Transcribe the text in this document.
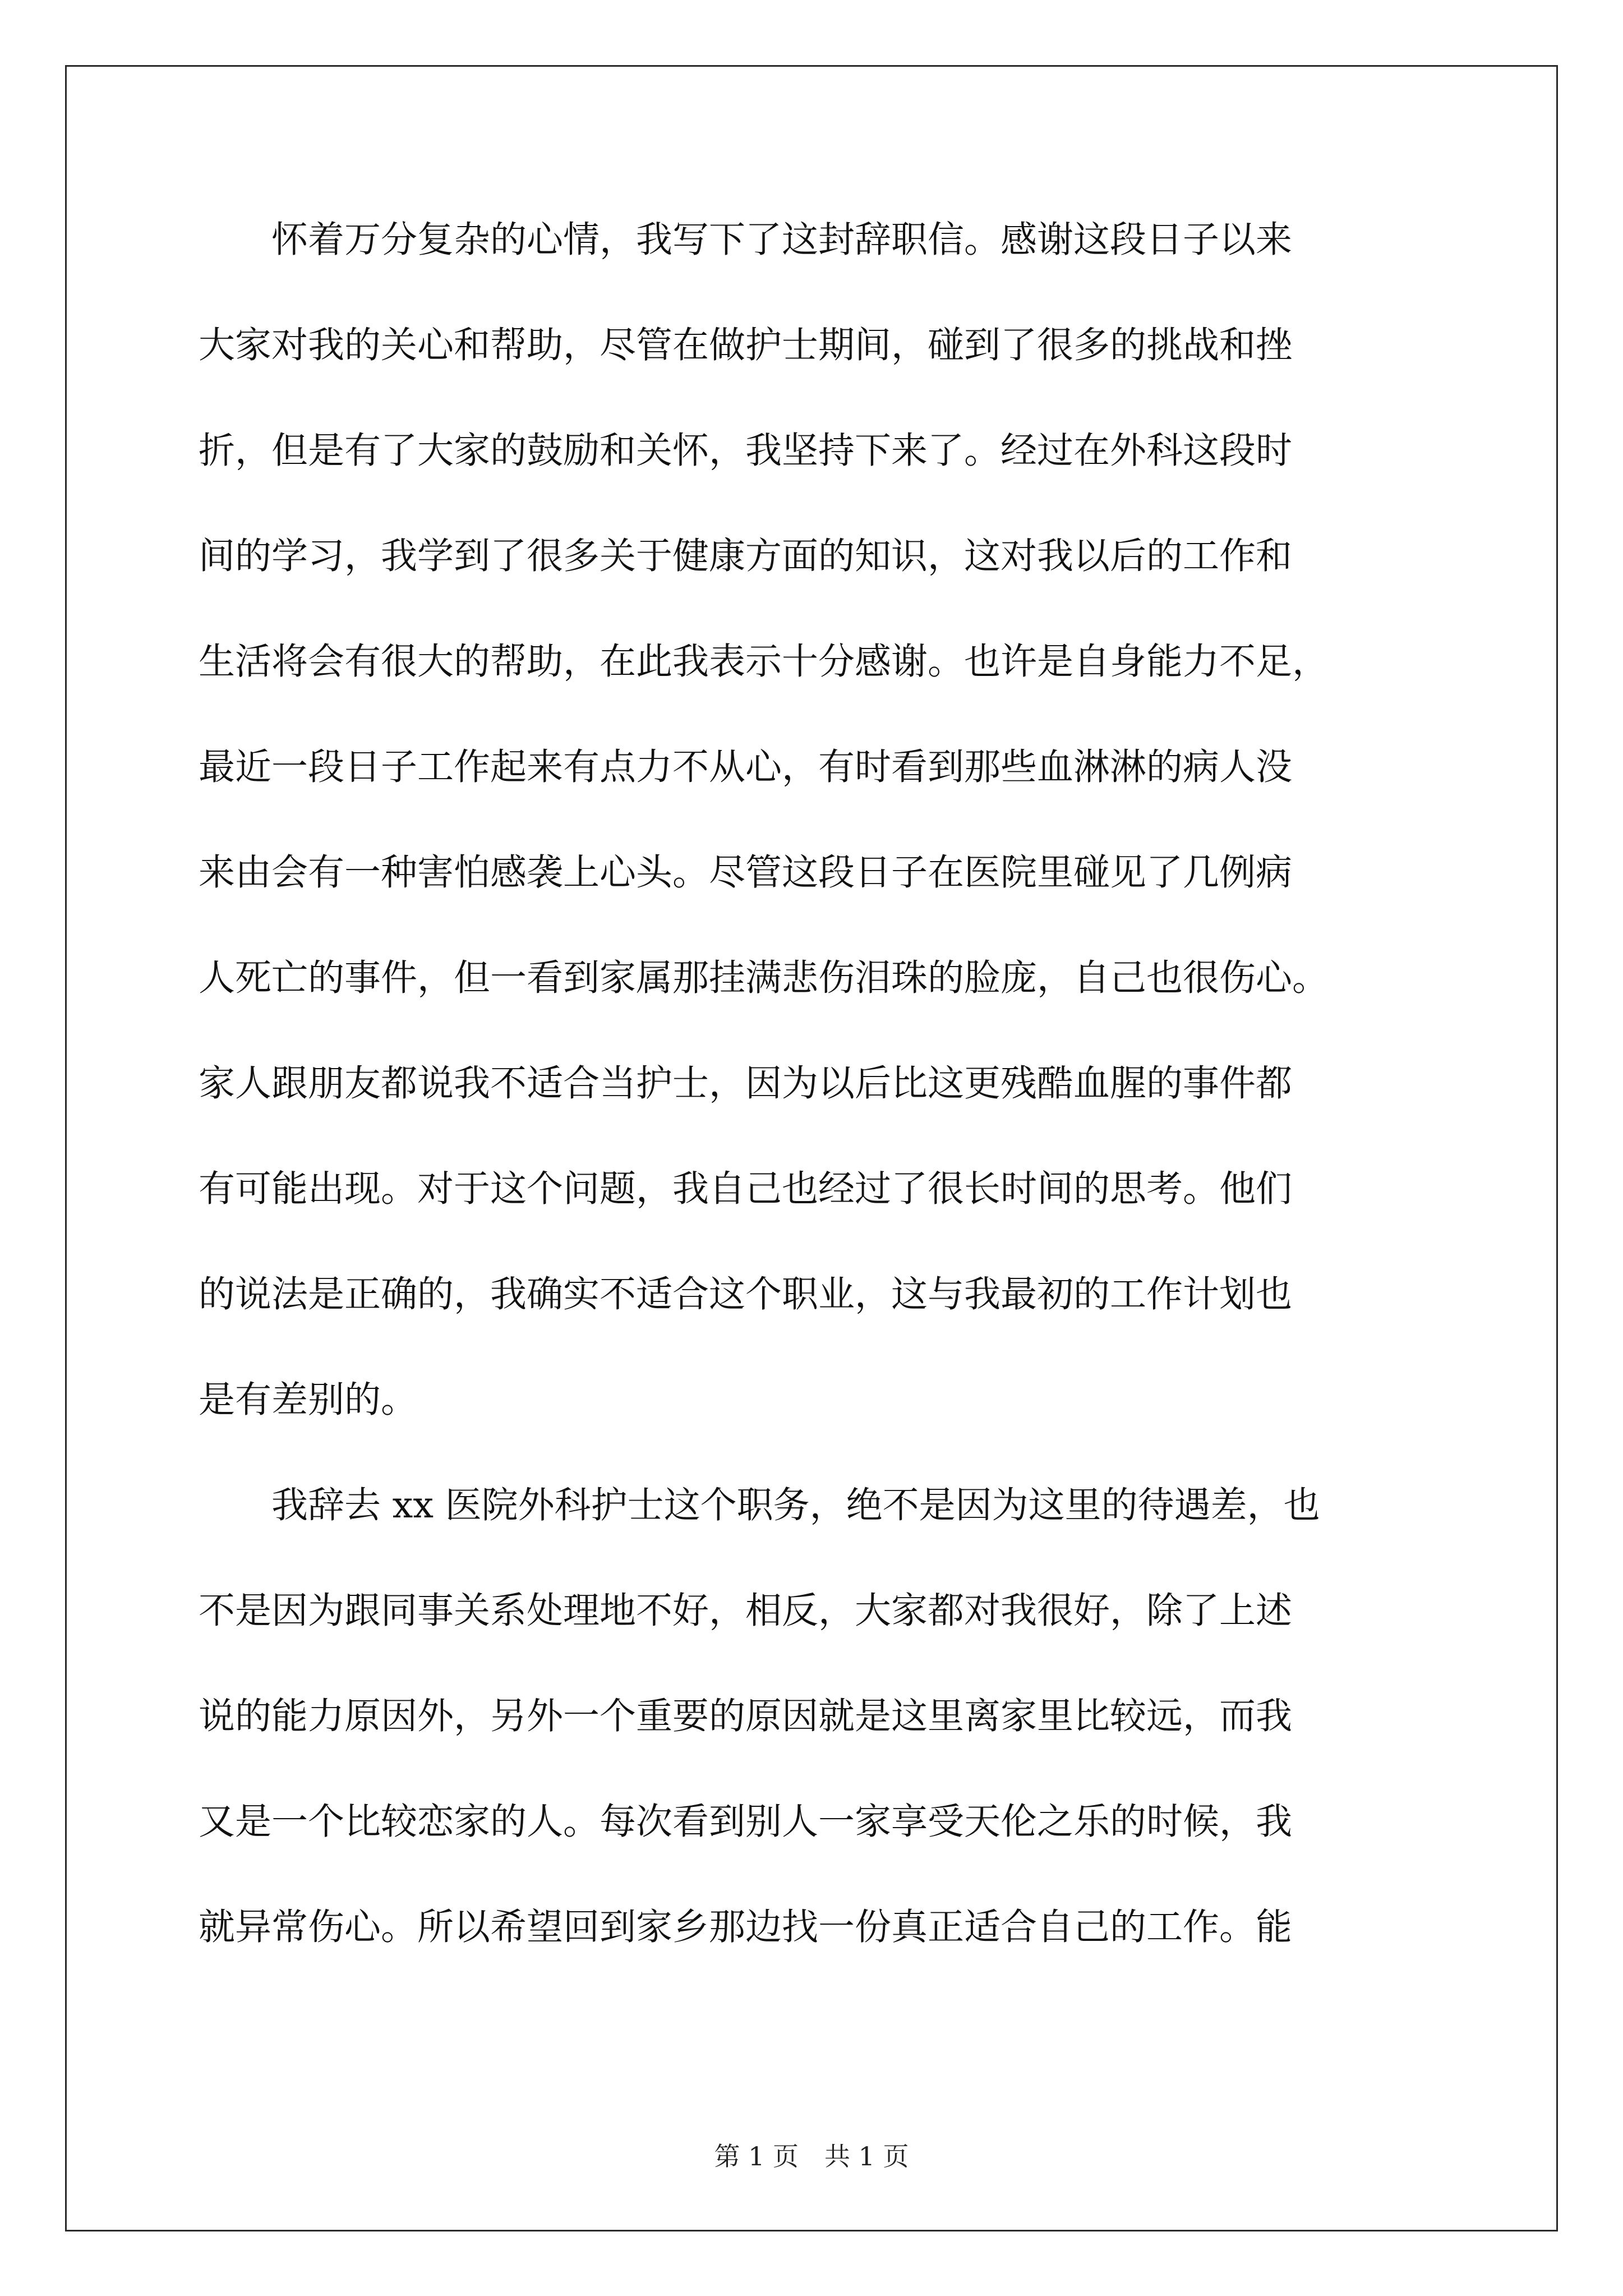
　　怀着万分复杂的心情，我写下了这封辞职信。感谢这段日子以来
大家对我的关心和帮助，尽管在做护士期间，碰到了很多的挑战和挫
折，但是有了大家的鼓励和关怀，我坚持下来了。经过在外科这段时
间的学习，我学到了很多关于健康方面的知识，这对我以后的工作和
生活将会有很大的帮助，在此我表示十分感谢。也许是自身能力不足，
最近一段日子工作起来有点力不从心，有时看到那些血淋淋的病人没
来由会有一种害怕感袭上心头。尽管这段日子在医院里碰见了几例病
人死亡的事件，但一看到家属那挂满悲伤泪珠的脸庞，自己也很伤心。
家人跟朋友都说我不适合当护士，因为以后比这更残酷血腥的事件都
有可能出现。对于这个问题，我自己也经过了很长时间的思考。他们
的说法是正确的，我确实不适合这个职业，这与我最初的工作计划也
是有差别的。
　　我辞去 xx 医院外科护士这个职务，绝不是因为这里的待遇差，也
不是因为跟同事关系处理地不好，相反，大家都对我很好，除了上述
说的能力原因外，另外一个重要的原因就是这里离家里比较远，而我
又是一个比较恋家的人。每次看到别人一家享受天伦之乐的时候，我
就异常伤心。所以希望回到家乡那边找一份真正适合自己的工作。能
第 1 页 共 1 页
